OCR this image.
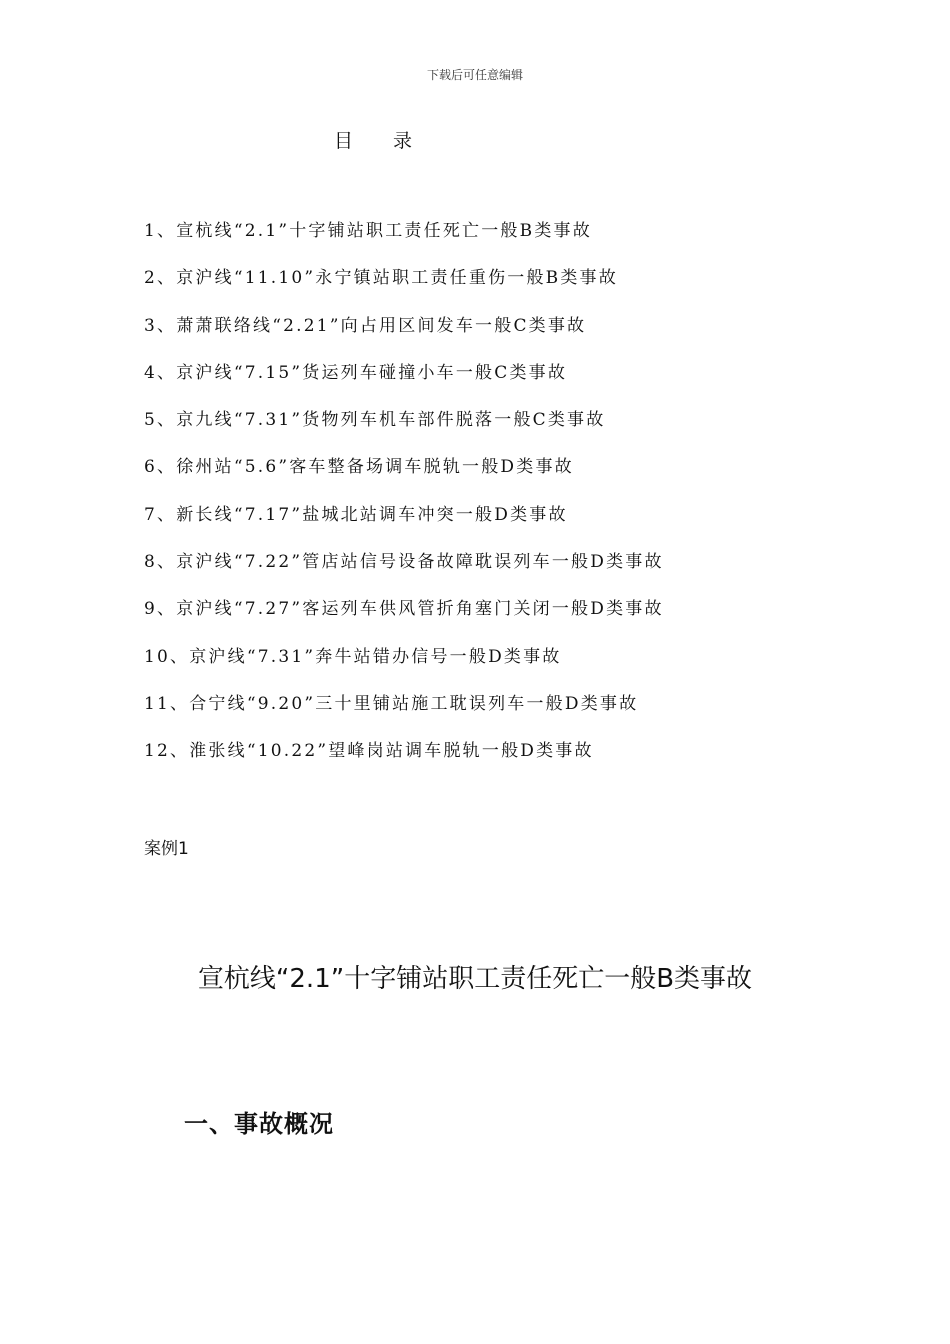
下载后可任意编辑
目录
1、宣杭线“2.1”十字铺站职工责任死亡一般B类事故
2、京沪线“11.10”永宁镇站职工责任重伤一般B类事故
3、萧萧联络线“2.21”向占用区间发车一般C类事故
4、京沪线“7.15”货运列车碰撞小车一般C类事故
5、京九线“7.31”货物列车机车部件脱落一般C类事故
6、徐州站“5.6”客车整备场调车脱轨一般D类事故
7、新长线“7.17”盐城北站调车冲突一般D类事故
8、京沪线“7.22”管店站信号设备故障耽误列车一般D类事故
9、京沪线“7.27”客运列车供风管折角塞门关闭一般D类事故
10、京沪线“7.31”奔牛站错办信号一般D类事故
11、合宁线“9.20”三十里铺站施工耽误列车一般D类事故
12、淮张线“10.22”望峰岗站调车脱轨一般D类事故
案例1
宣杭线“2.1”十字铺站职工责任死亡一般B类事故
一、事故概况
